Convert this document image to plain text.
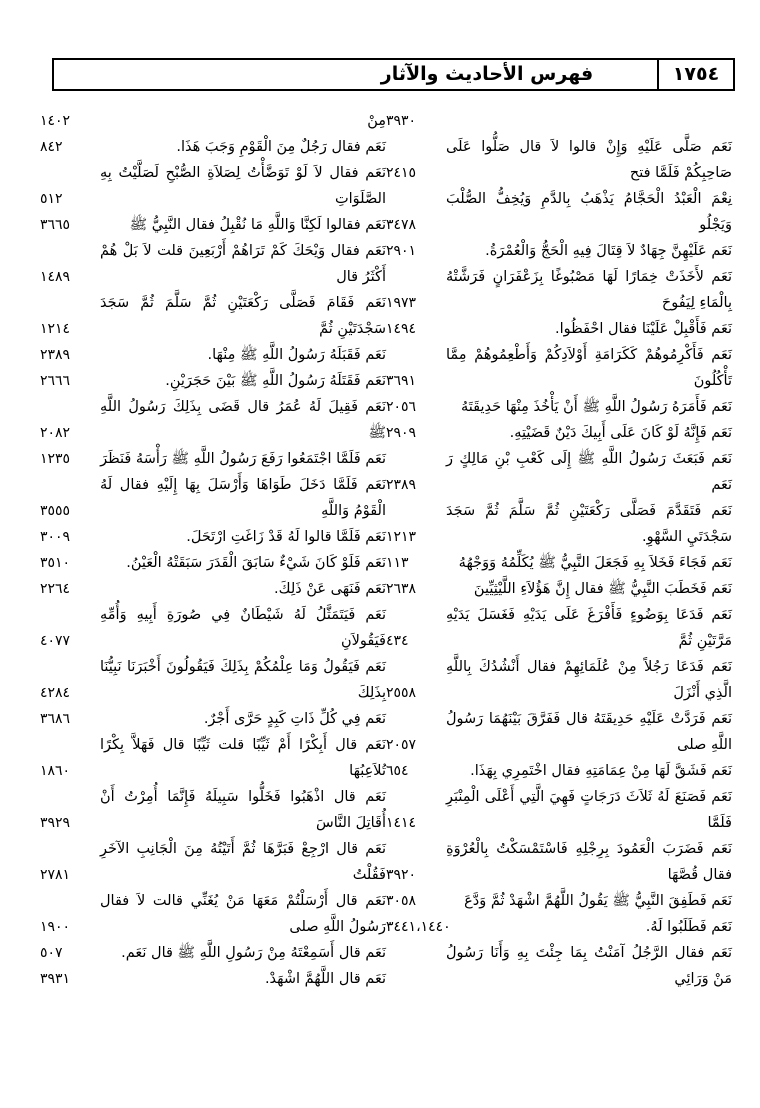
١٧٥٤
فهرس الأحاديث والآثار
٣٩٣٠
نَعَم صَلَّى عَلَيْهِ وَإِنْ قالوا لاَ قال صَلُّوا عَلَى صَاحِبِكُمْ فَلَمَّا فتح
٢٤١٥
نِعْمَ الْعَبْدُ الْحَجَّامُ يَذْهَبُ بِالدَّمِ وَيُخِفُّ الصُّلْبَ وَيَجْلُو
٣٤٧٨
نَعَم عَلَيْهِنَّ جِهَادٌ لاَ قِتَالَ فِيهِ الْحَجُّ وَالْعُمْرَةُ.
٢٩٠١
نَعَم لأَخَذَتْ خِمَارًا لَهَا مَصْبُوغًا بِزَعْفَرَانٍ فَرَشَّتْهُ بِالْمَاءِ لِيَفُوحَ
١٩٧٣
نَعَم فَأَقْبِلْ عَلَيْنَا فقال احْفَظُوا.
١٤٩٤
نَعَم فَأَكْرِمُوهُمْ كَكَرَامَةِ أَوْلاَدِكُمْ وَأَطْعِمُوهُمْ مِمَّا تَأْكُلُونَ
٣٦٩١
نَعَم فَأَمَرَهُ رَسُولُ اللَّهِ ﷺ أَنْ يَأْخُذَ مِنْهَا حَدِيقَتَهُ
٢٠٥٦
نَعَم فَإِنَّهُ لَوْ كَانَ عَلَى أَبِيكَ دَيْنٌ قَضَيْتِهِ.
٢٩٠٩
نَعَم فَبَعَثَ رَسُولُ اللَّهِ ﷺ إِلَى كَعْبِ بْنِ مَالِكٍ رَ نَعَم
٢٣٨٩
نَعَم فَتَقَدَّمَ فَصَلَّى رَكْعَتَيْنِ ثُمَّ سَلَّمَ ثُمَّ سَجَدَ سَجْدَتَيِ السَّهْوِ.
١٢١٣
نَعَم فَجَاءَ فَخَلاَ بِهِ فَجَعَلَ النَّبِيُّ ﷺ يُكَلِّمُهُ وَوَجْهُهُ
١١٣
نَعَم فَخَطَبَ النَّبِيُّ ﷺ فقال إِنَّ هَؤُلاَءِ اللَّيْثِيِّينَ
٢٦٣٨
نَعَم فَدَعَا بِوَضُوءٍ فَأَفْرَغَ عَلَى يَدَيْهِ فَغَسَلَ يَدَيْهِ مَرَّتَيْنِ ثُمَّ
٤٣٤
نَعَم فَدَعَا رَجُلاً مِنْ عُلَمَائِهِمْ فقال أَنْشُدُكَ بِاللَّهِ الَّذِي أَنْزَلَ
٢٥٥٨
نَعَم فَرَدَّتْ عَلَيْهِ حَدِيقَتَهُ قال فَفَرَّقَ بَيْنَهُمَا رَسُولُ اللَّهِ صلى
٢٠٥٧
نَعَم فَشَقَّ لَهَا مِنْ عِمَامَتِهِ فقال اخْتَمِرِي بِهَذَا.
٦٥٤
نَعَم فَصَنَعَ لَهُ ثَلاَثَ دَرَجَاتٍ فَهِيَ الَّتِي أَعْلَى الْمِنْبَرِ فَلَمَّا
١٤١٤
نَعَم فَضَرَبَ الْعَمُودَ بِرِجْلِهِ فَاسْتَمْسَكْتُ بِالْعُرْوَةِ فقال قُصَّهَا
٣٩٢٠
نَعَم فَطَفِقَ النَّبِيُّ ﷺ يَقُولُ اللَّهُمَّ اشْهَدْ ثُمَّ وَدَّعَ
٣٠٥٨
نَعَم فَطَلَبُوا لَهُ.
٣٤٤١،١٤٤٠
نَعَم فقال الرَّجُلُ آمَنْتُ بِمَا جِئْتَ بِهِ وَأَنَا رَسُولُ مَنْ وَرَائِي
مِنْ
١٤٠٢
نَعَم فقال رَجُلٌ مِنَ الْقَوْمِ وَجَبَ هَذَا.
٨٤٢
نَعَم فقال لاَ لَوْ تَوَضَّأْتُ لِصَلاَةِ الصُّبْحِ لَصَلَّيْتُ بِهِ الصَّلَوَاتِ
٥١٢
نَعَم فقالوا لَكِنَّا وَاللَّهِ مَا نُقْبِلُ فقال النَّبِيُّ ﷺ
٣٦٦٥
نَعَم فقال وَيْحَكَ كَمْ تَرَاهُمْ أَرْبَعِينَ قلت لاَ بَلْ هُمْ أَكْثَرُ قال
١٤٨٩
نَعَم فَقَامَ فَصَلَّى رَكْعَتَيْنِ ثُمَّ سَلَّمَ ثُمَّ سَجَدَ سَجْدَتَيْنِ ثُمَّ
١٢١٤
نَعَم فَقَبَلَهُ رَسُولُ اللَّهِ ﷺ مِنْهَا.
٢٣٨٩
نَعَم فَقَتَلَهُ رَسُولُ اللَّهِ ﷺ بَيْنَ حَجَرَيْنِ.
٢٦٦٦
نَعَم فَقِيلَ لَهُ عُمَرُ قال قَضَى بِذَلِكَ رَسُولُ اللَّهِ ﷺ
٢٠٨٢
نَعَم فَلَمَّا اجْتَمَعُوا رَفَعَ رَسُولُ اللَّهِ ﷺ رَأْسَهُ فَنَظَرَ
١٢٣٥
نَعَم فَلَمَّا دَخَلَ طَوَاهَا وَأَرْسَلَ بِهَا إِلَيْهِ فقال لَهُ الْقَوْمُ وَاللَّهِ
٣٥٥٥
نَعَم فَلَمَّا قالوا لَهُ قَدْ زَاغَتِ ارْتَحَلَ.
٣٠٠٩
نَعَم فَلَوْ كَانَ شَيْءٌ سَابَقَ الْقَدَرَ سَبَقَتْهُ الْعَيْنُ.
٣٥١٠
نَعَم فَنَهَى عَنْ ذَلِكَ.
٢٢٦٤
نَعَم فَيَتَمَثَّلُ لَهُ شَيْطَانٌ فِي صُورَةِ أَبِيهِ وَأُمِّهِ فَيَقُولاَنِ
٤٠٧٧
نَعَم فَيَقُولُ وَمَا عِلْمُكُمْ بِذَلِكَ فَيَقُولُونَ أَخْبَرَنَا نَبِيُّنَا بِذَلِكَ
٤٢٨٤
نَعَم فِي كُلِّ ذَاتِ كَبِدٍ حَرَّى أَجْرٌ.
٣٦٨٦
نَعَم قال أَبِكْرًا أَمْ ثَيِّبًا قلت ثَيِّبًا قال فَهَلاَّ بِكْرًا تُلاَعِبُهَا
١٨٦٠
نَعَم قال اذْهَبُوا فَخَلُّوا سَبِيلَهُ فَإِنَّمَا أُمِرْتُ أَنْ أُقَاتِلَ النَّاسَ
٣٩٢٩
نَعَم قال ارْجِعْ فَبَرَّهَا ثُمَّ أَتَيْتُهُ مِنَ الْجَانِبِ الآخَرِ فَقُلْتُ
٢٧٨١
نَعَم قال أَرْسَلْتُمْ مَعَهَا مَنْ يُغَنِّي قالت لاَ فقال رَسُولُ اللَّهِ صلى
١٩٠٠
نَعَم قال أَسَمِعْتَهُ مِنْ رَسُولِ اللَّهِ ﷺ قال نَعَم.
٥٠٧
نَعَم قال اللَّهُمَّ اشْهَدْ.
٣٩٣١
